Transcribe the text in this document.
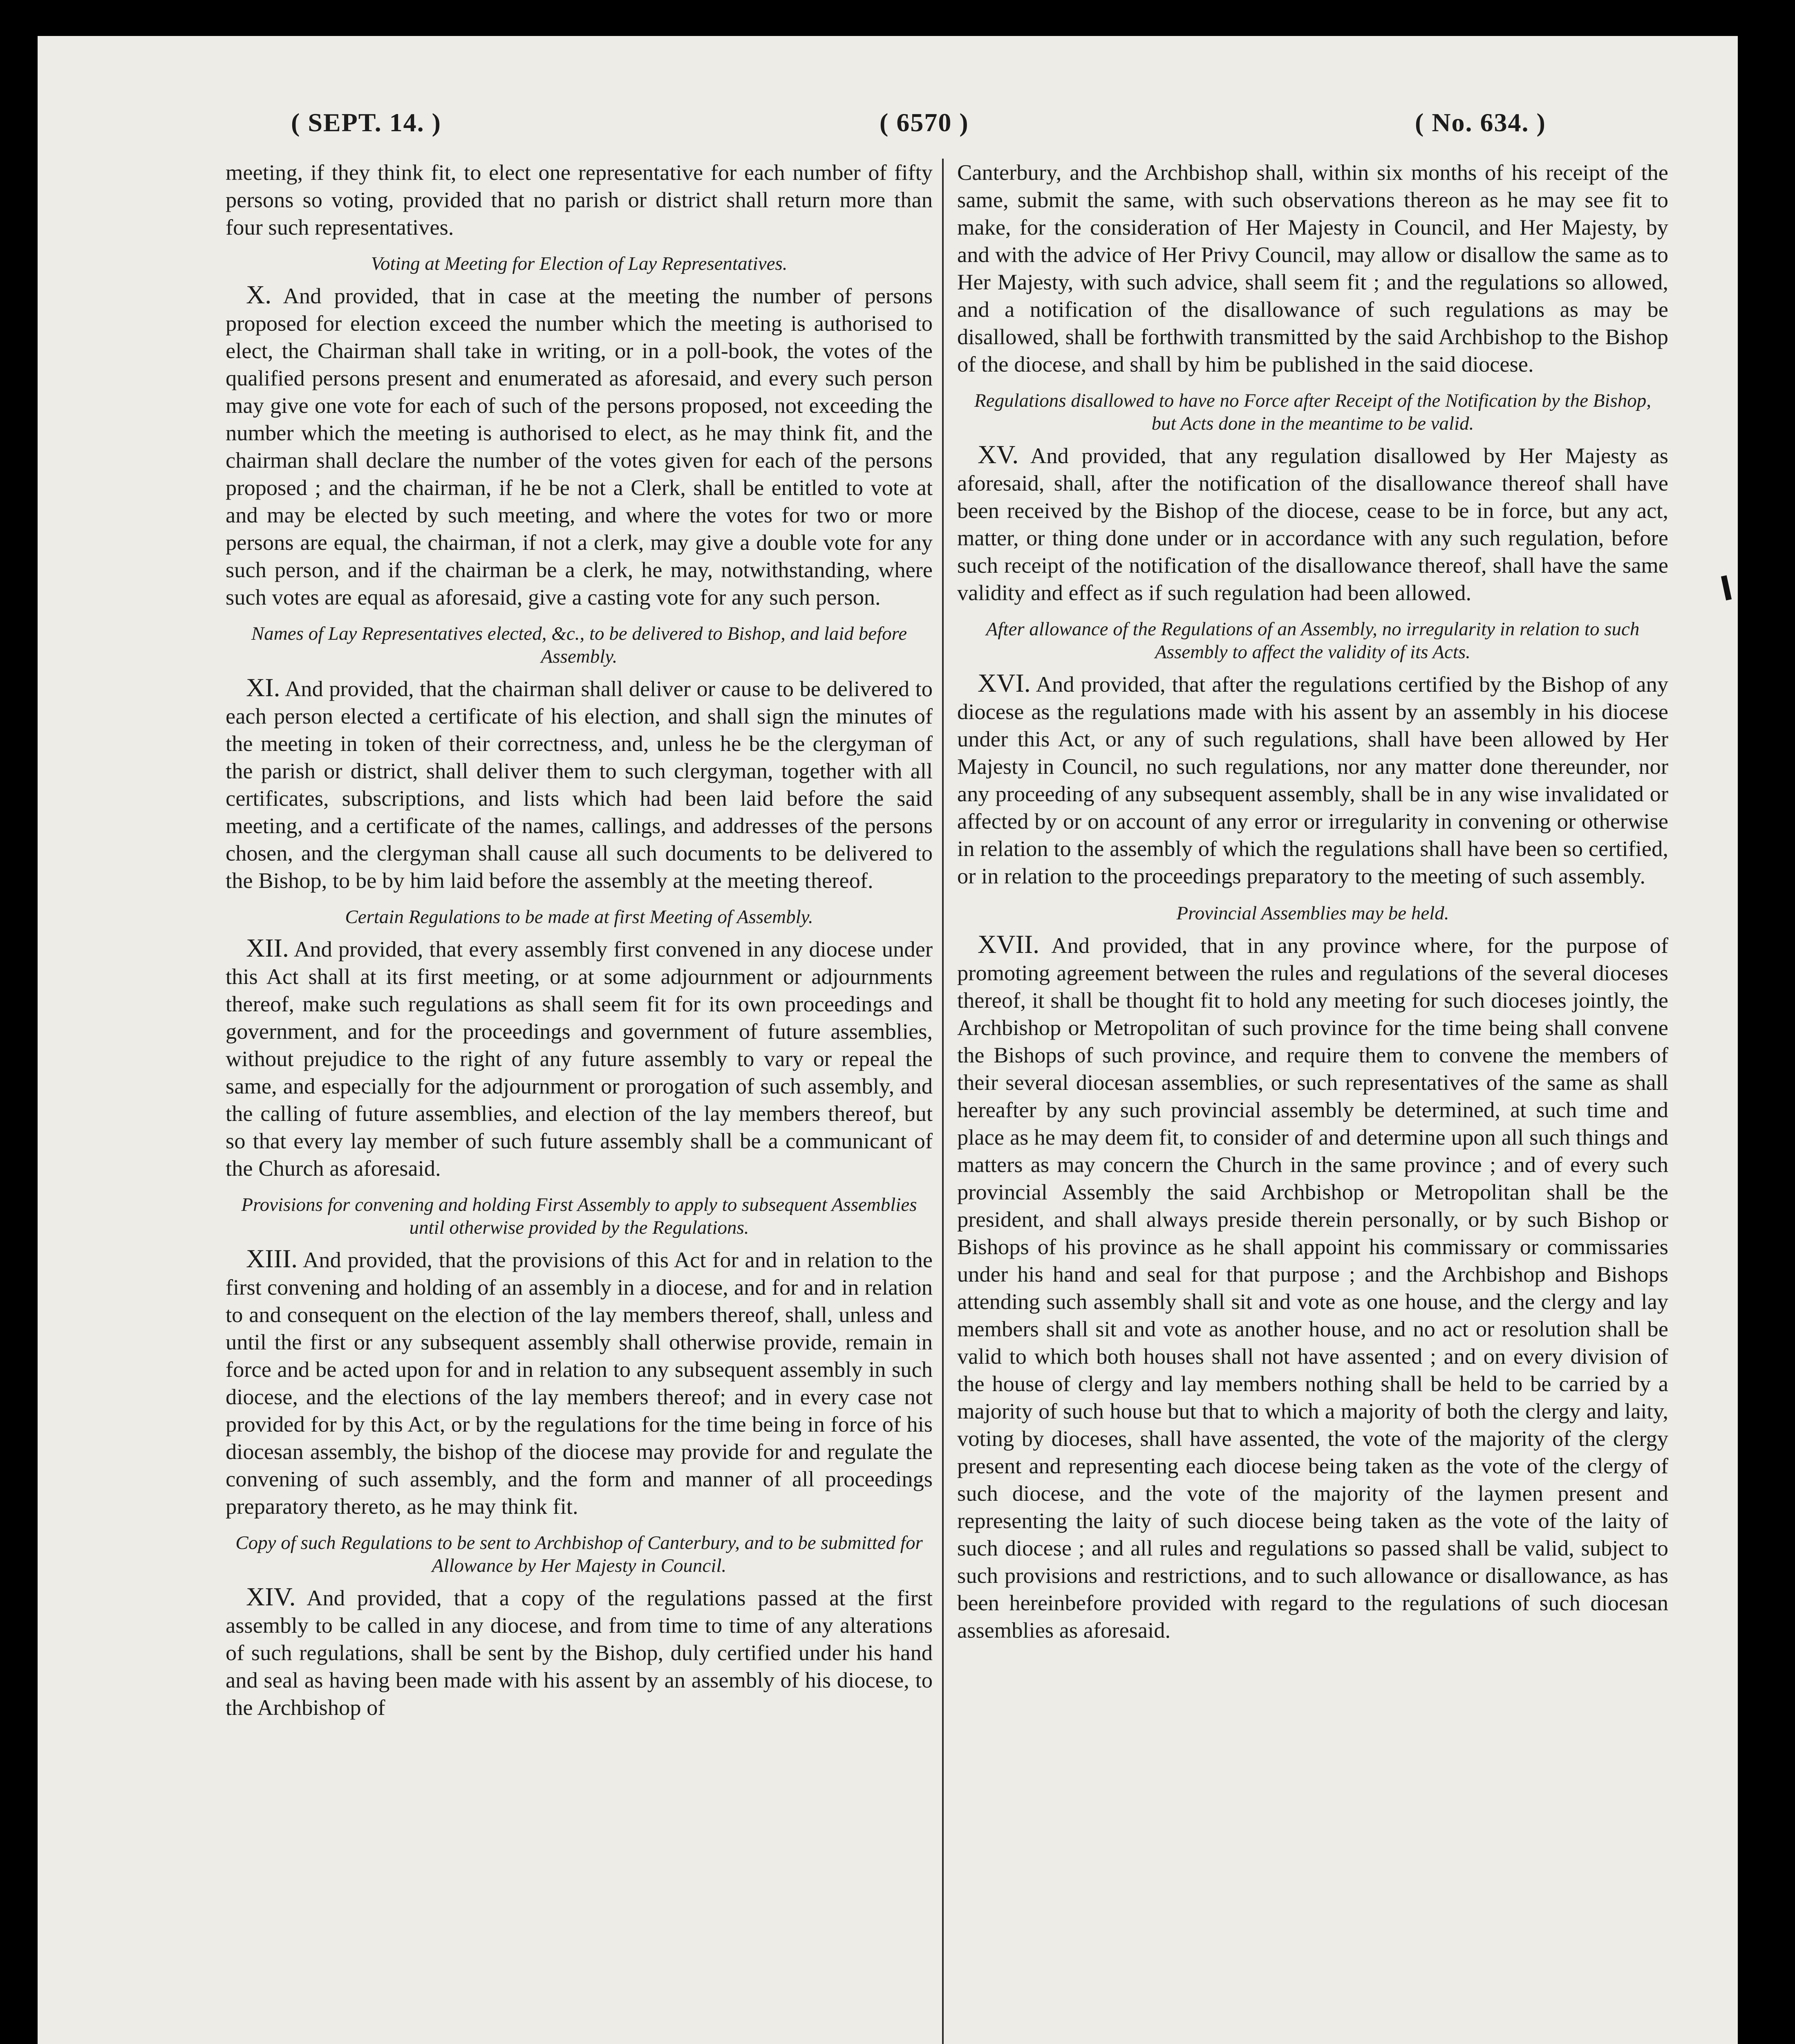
( SEPT. 14. )	( 6570 )	( No. 634. )

meeting, if they think fit, to elect one representative for each number of fifty persons so voting, provided that no parish or district shall return more than four such representatives.

Voting at Meeting for Election of Lay Representatives.

X. And provided, that in case at the meeting the number of persons proposed for election exceed the number which the meeting is authorised to elect, the Chairman shall take in writing, or in a poll-book, the votes of the qualified persons present and enumerated as aforesaid, and every such person may give one vote for each of such of the persons proposed, not exceeding the number which the meeting is authorised to elect, as he may think fit, and the chairman shall declare the number of the votes given for each of the persons proposed ; and the chairman, if he be not a Clerk, shall be entitled to vote at and may be elected by such meeting, and where the votes for two or more persons are equal, the chairman, if not a clerk, may give a double vote for any such person, and if the chairman be a clerk, he may, notwithstanding, where such votes are equal as aforesaid, give a casting vote for any such person.

Names of Lay Representatives elected, &c., to be delivered to Bishop, and laid before Assembly.

XI. And provided, that the chairman shall deliver or cause to be delivered to each person elected a certificate of his election, and shall sign the minutes of the meeting in token of their correctness, and, unless he be the clergyman of the parish or district, shall deliver them to such clergyman, together with all certificates, subscriptions, and lists which had been laid before the said meeting, and a certificate of the names, callings, and addresses of the persons chosen, and the clergyman shall cause all such documents to be delivered to the Bishop, to be by him laid before the assembly at the meeting thereof.

Certain Regulations to be made at first Meeting of Assembly.

XII. And provided, that every assembly first convened in any diocese under this Act shall at its first meeting, or at some adjournment or adjournments thereof, make such regulations as shall seem fit for its own proceedings and government, and for the proceedings and government of future assemblies, without prejudice to the right of any future assembly to vary or repeal the same, and especially for the adjournment or prorogation of such assembly, and the calling of future assemblies, and election of the lay members thereof, but so that every lay member of such future assembly shall be a communicant of the Church as aforesaid.

Provisions for convening and holding First Assembly to apply to subsequent Assemblies until otherwise provided by the Regulations.

XIII. And provided, that the provisions of this Act for and in relation to the first convening and holding of an assembly in a diocese, and for and in relation to and consequent on the election of the lay members thereof, shall, unless and until the first or any subsequent assembly shall otherwise provide, remain in force and be acted upon for and in relation to any subsequent assembly in such diocese, and the elections of the lay members thereof; and in every case not provided for by this Act, or by the regulations for the time being in force of his diocesan assembly, the bishop of the diocese may provide for and regulate the convening of such assembly, and the form and manner of all proceedings preparatory thereto, as he may think fit.

Copy of such Regulations to be sent to Archbishop of Canterbury, and to be submitted for Allowance by Her Majesty in Council.

XIV. And provided, that a copy of the regulations passed at the first assembly to be called in any diocese, and from time to time of any alterations of such regulations, shall be sent by the Bishop, duly certified under his hand and seal as having been made with his assent by an assembly of his diocese, to the Archbishop of

Canterbury, and the Archbishop shall, within six months of his receipt of the same, submit the same, with such observations thereon as he may see fit to make, for the consideration of Her Majesty in Council, and Her Majesty, by and with the advice of Her Privy Council, may allow or disallow the same as to Her Majesty, with such advice, shall seem fit ; and the regulations so allowed, and a notification of the disallowance of such regulations as may be disallowed, shall be forthwith transmitted by the said Archbishop to the Bishop of the diocese, and shall by him be published in the said diocese.

Regulations disallowed to have no Force after Receipt of the Notification by the Bishop, but Acts done in the meantime to be valid.

XV. And provided, that any regulation disallowed by Her Majesty as aforesaid, shall, after the notification of the disallowance thereof shall have been received by the Bishop of the diocese, cease to be in force, but any act, matter, or thing done under or in accordance with any such regulation, before such receipt of the notification of the disallowance thereof, shall have the same validity and effect as if such regulation had been allowed.

After allowance of the Regulations of an Assembly, no irregularity in relation to such Assembly to affect the validity of its Acts.

XVI. And provided, that after the regulations certified by the Bishop of any diocese as the regulations made with his assent by an assembly in his diocese under this Act, or any of such regulations, shall have been allowed by Her Majesty in Council, no such regulations, nor any matter done thereunder, nor any proceeding of any subsequent assembly, shall be in any wise invalidated or affected by or on account of any error or irregularity in convening or otherwise in relation to the assembly of which the regulations shall have been so certified, or in relation to the proceedings preparatory to the meeting of such assembly.

Provincial Assemblies may be held.

XVII. And provided, that in any province where, for the purpose of promoting agreement between the rules and regulations of the several dioceses thereof, it shall be thought fit to hold any meeting for such dioceses jointly, the Archbishop or Metropolitan of such province for the time being shall convene the Bishops of such province, and require them to convene the members of their several diocesan assemblies, or such representatives of the same as shall hereafter by any such provincial assembly be determined, at such time and place as he may deem fit, to consider of and determine upon all such things and matters as may concern the Church in the same province ; and of every such provincial Assembly the said Archbishop or Metropolitan shall be the president, and shall always preside therein personally, or by such Bishop or Bishops of his province as he shall appoint his commissary or commissaries under his hand and seal for that purpose ; and the Archbishop and Bishops attending such assembly shall sit and vote as one house, and the clergy and lay members shall sit and vote as another house, and no act or resolution shall be valid to which both houses shall not have assented ; and on every division of the house of clergy and lay members nothing shall be held to be carried by a majority of such house but that to which a majority of both the clergy and laity, voting by dioceses, shall have assented, the vote of the majority of the clergy present and representing each diocese being taken as the vote of the clergy of such diocese, and the vote of the majority of the laymen present and representing the laity of such diocese being taken as the vote of the laity of such diocese ; and all rules and regulations so passed shall be valid, subject to such provisions and restrictions, and to such allowance or disallowance, as has been hereinbefore provided with regard to the regulations of such diocesan assemblies as aforesaid.
